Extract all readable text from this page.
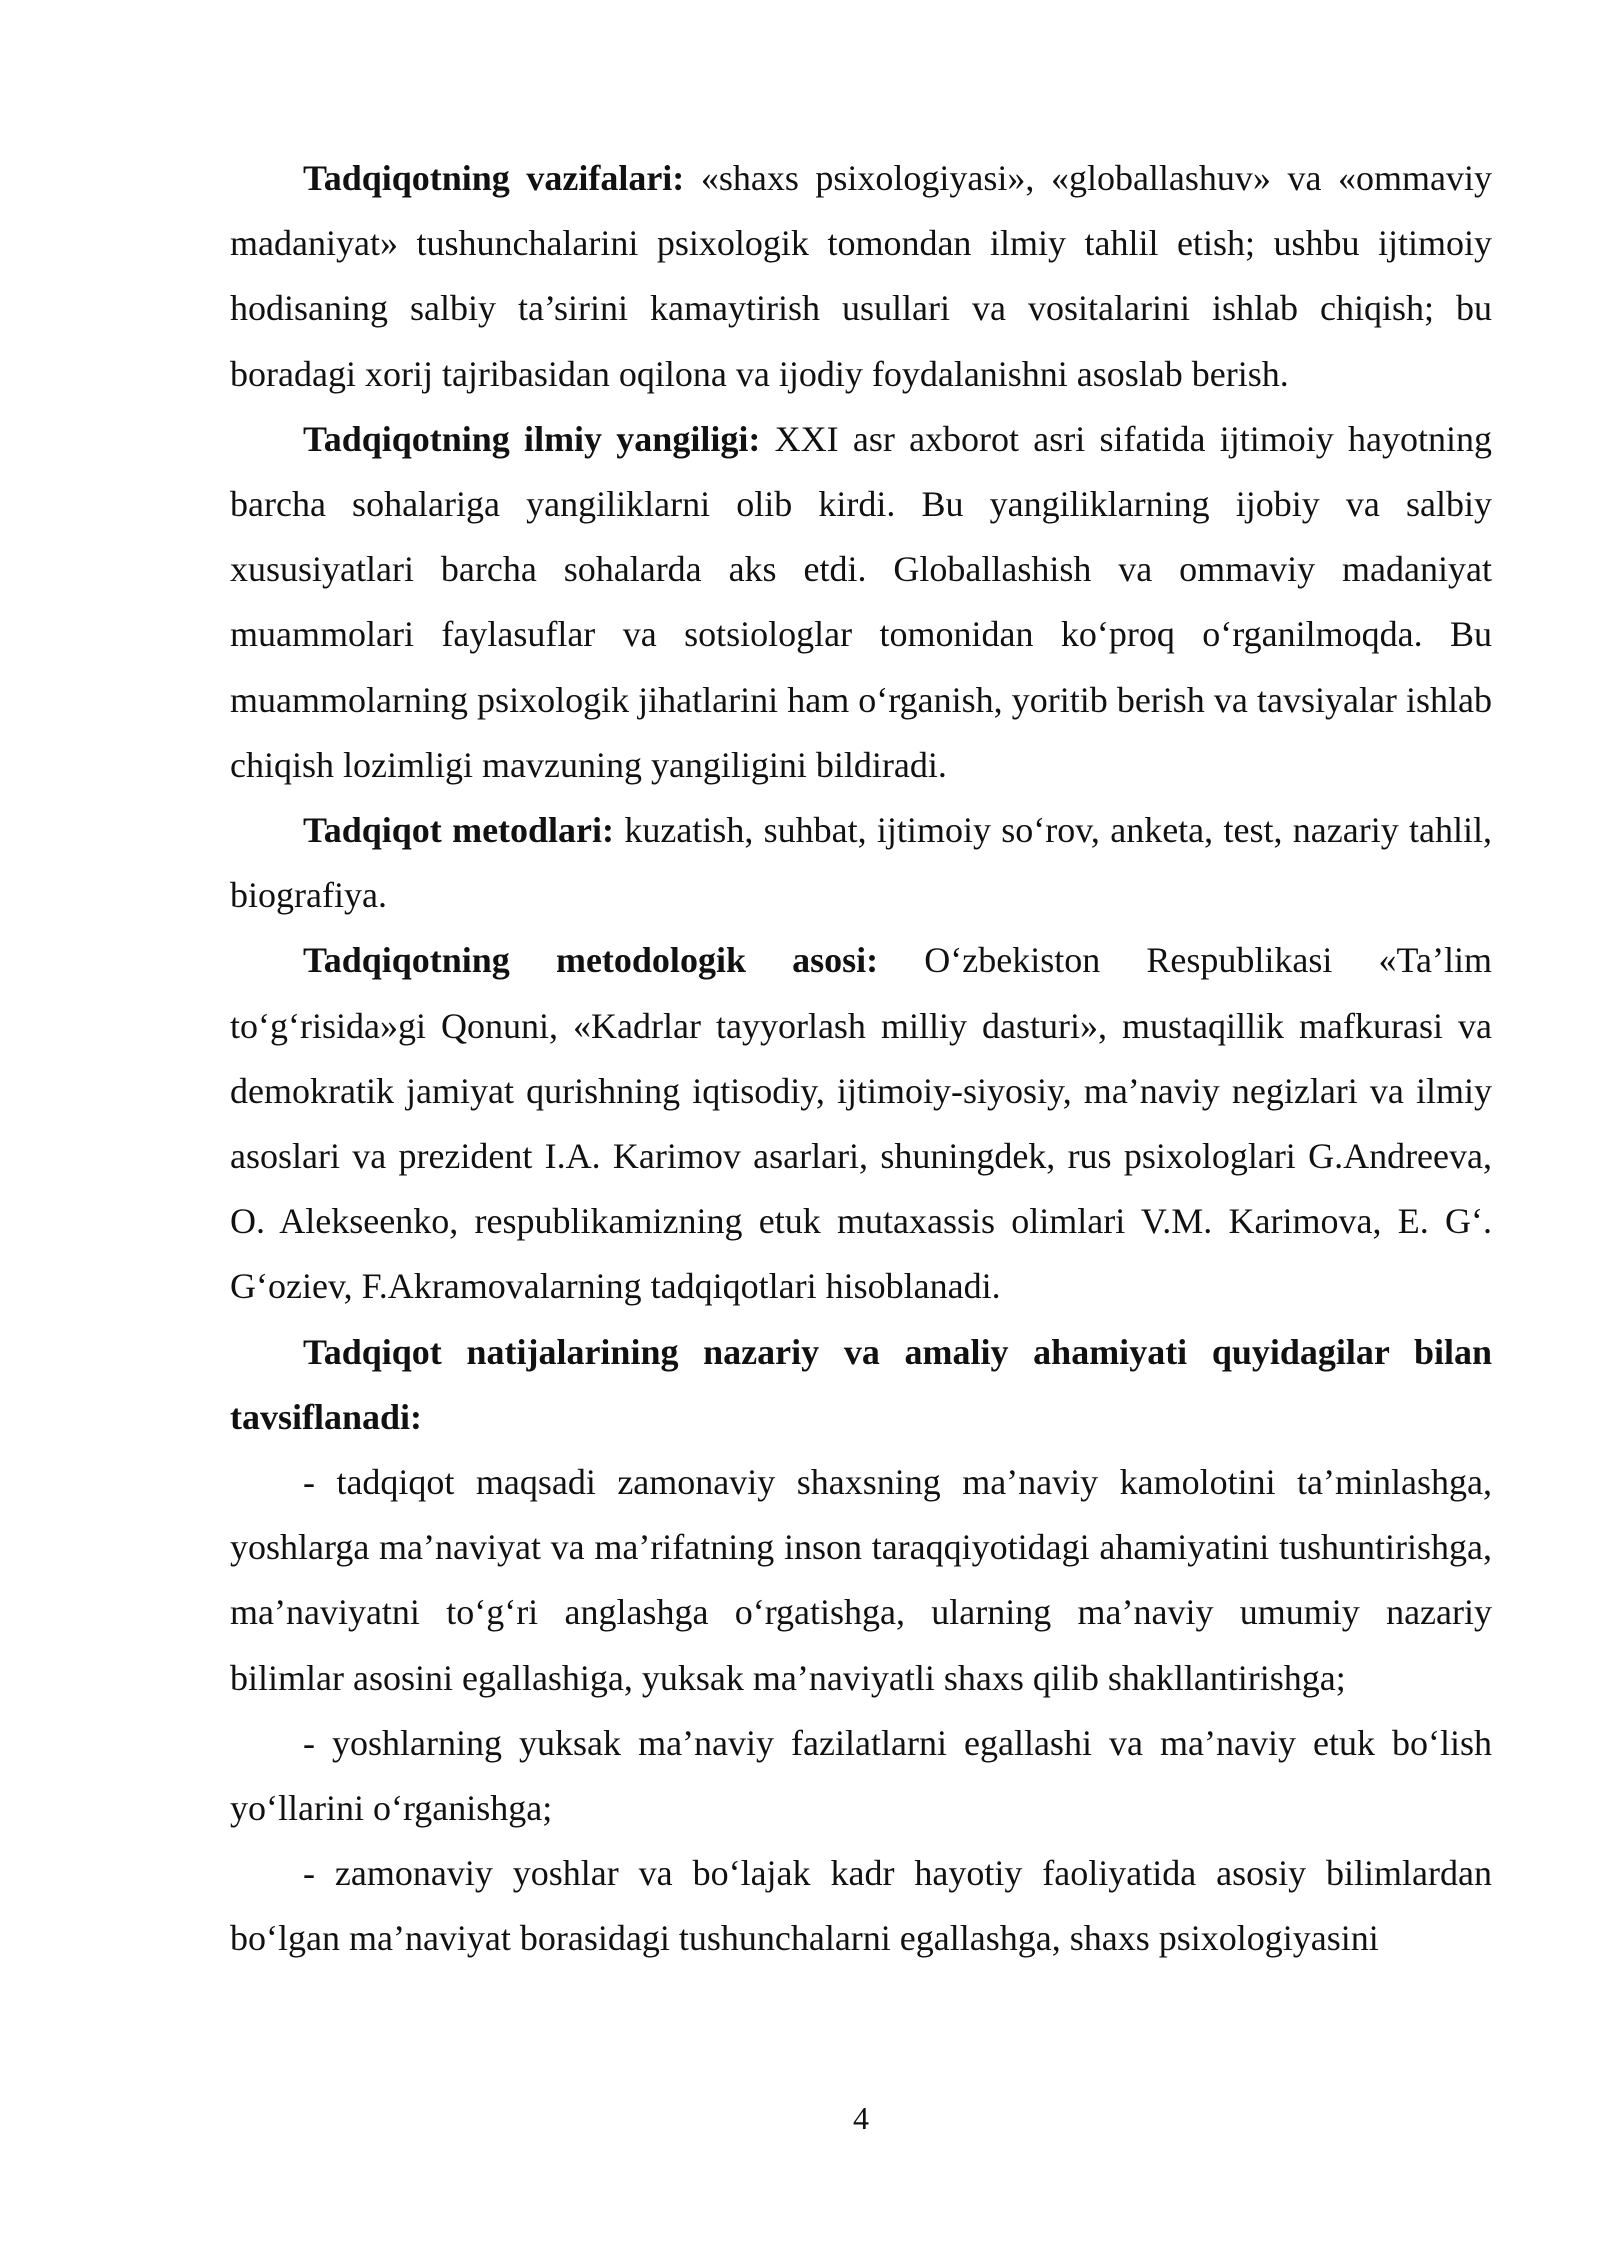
Tadqiqotning vazifalari: «shaxs psixologiyasi», «globallashuv» va «ommaviy madaniyat» tushunchalarini psixologik tomondan ilmiy tahlil etish; ushbu ijtimoiy hodisaning salbiy ta’sirini kamaytirish usullari va vositalarini ishlab chiqish; bu boradagi xorij tajribasidan oqilona va ijodiy foydalanishni asoslab berish.

Tadqiqotning ilmiy yangiligi: XXI asr axborot asri sifatida ijtimoiy hayotning barcha sohalariga yangiliklarni olib kirdi. Bu yangiliklarning ijobiy va salbiy xususiyatlari barcha sohalarda aks etdi. Globallashish va ommaviy madaniyat muammolari faylasuflar va sotsiologlar tomonidan ko‘proq o‘rganilmoqda. Bu muammolarning psixologik jihatlarini ham o‘rganish, yoritib berish va tavsiyalar ishlab chiqish lozimligi mavzuning yangiligini bildiradi.

Tadqiqot metodlari: kuzatish, suhbat, ijtimoiy so‘rov, anketa, test, nazariy tahlil, biografiya.

Tadqiqotning metodologik asosi: O‘zbekiston Respublikasi «Ta’lim to‘g‘risida»gi Qonuni, «Kadrlar tayyorlash milliy dasturi», mustaqillik mafkurasi va demokratik jamiyat qurishning iqtisodiy, ijtimoiy-siyosiy, ma’naviy negizlari va ilmiy asoslari va prezident I.A. Karimov asarlari, shuningdek, rus psixologlari G.Andreeva, O. Alekseenko, respublikamizning etuk mutaxassis olimlari V.M. Karimova, E. G‘. G‘oziev, F.Akramovalarning tadqiqotlari hisoblanadi.

Tadqiqot natijalarining nazariy va amaliy ahamiyati quyidagilar bilan tavsiflanadi:

- tadqiqot maqsadi zamonaviy shaxsning ma’naviy kamolotini ta’minlashga, yoshlarga ma’naviyat va ma’rifatning inson taraqqiyotidagi ahamiyatini tushuntirishga, ma’naviyatni to‘g‘ri anglashga o‘rgatishga, ularning ma’naviy umumiy nazariy bilimlar asosini egallashiga, yuksak ma’naviyatli shaxs qilib shakllantirishga;

- yoshlarning yuksak ma’naviy fazilatlarni egallashi va ma’naviy etuk bo‘lish yo‘llarini o‘rganishga;

- zamonaviy yoshlar va bo‘lajak kadr hayotiy faoliyatida asosiy bilimlardan bo‘lgan ma’naviyat borasidagi tushunchalarni egallashga, shaxs psixologiyasini

4
